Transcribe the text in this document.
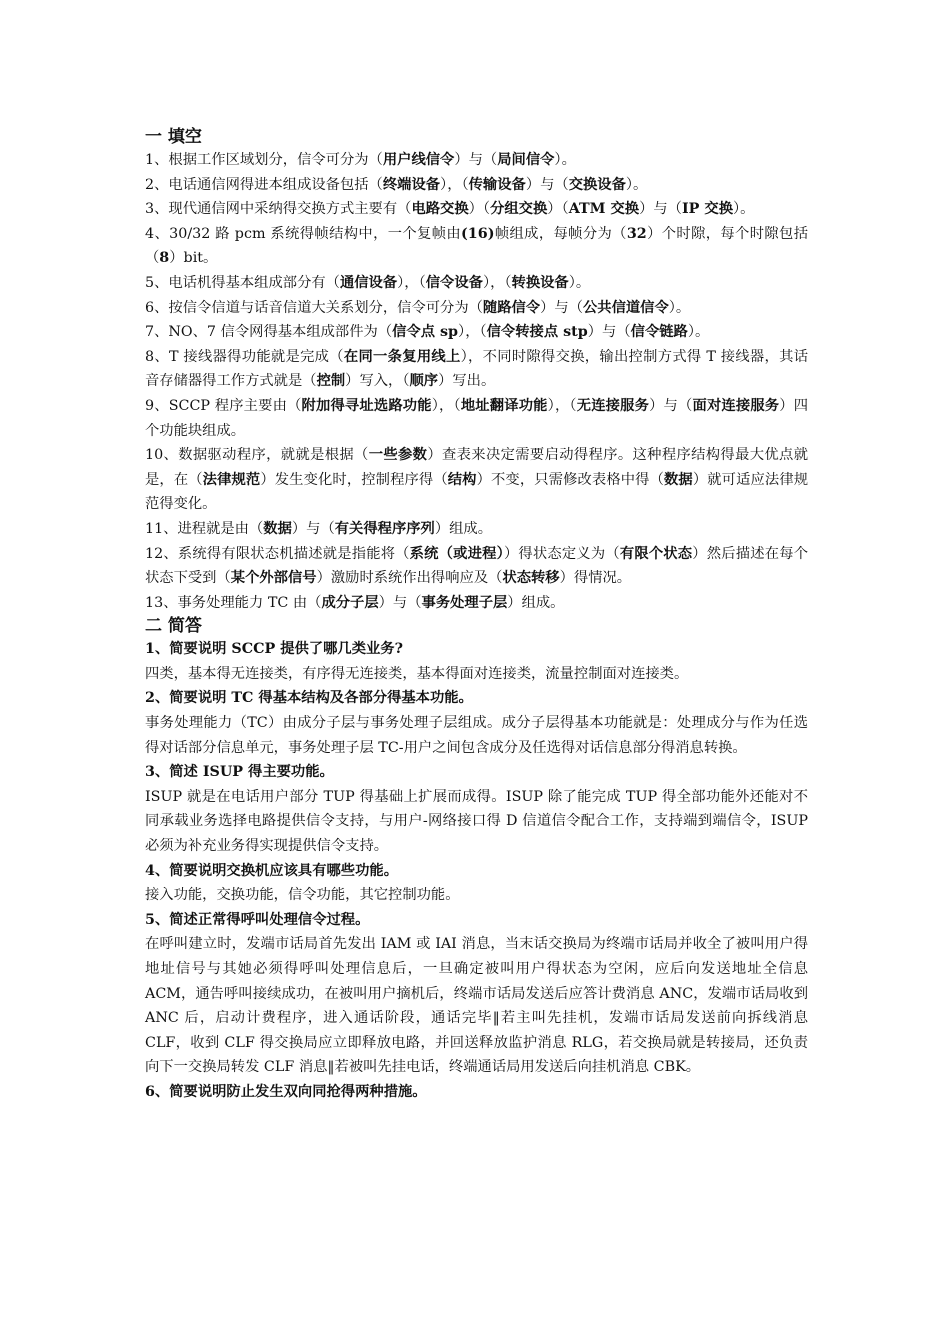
一 填空
1、根据工作区域划分，信令可分为（用户线信令）与（局间信令）。
2、电话通信网得进本组成设备包括（终端设备），（传输设备）与（交换设备）。
3、现代通信网中采纳得交换方式主要有（电路交换）（分组交换）（ATM 交换）与（IP 交换）。
4、30/32 路 pcm 系统得帧结构中，一个复帧由(16)帧组成，每帧分为（32）个时隙，每个时隙包括（8）bit。
5、电话机得基本组成部分有（通信设备），（信令设备），（转换设备）。
6、按信令信道与话音信道大关系划分，信令可分为（随路信令）与（公共信道信令）。
7、NO、7 信令网得基本组成部件为（信令点 sp），（信令转接点 stp）与（信令链路）。
8、T 接线器得功能就是完成（在同一条复用线上），不同时隙得交换，输出控制方式得 T 接线器，其话音存储器得工作方式就是（控制）写入，（顺序）写出。
9、SCCP 程序主要由（附加得寻址选路功能），（地址翻译功能），（无连接服务）与（面对连接服务）四个功能块组成。
10、数据驱动程序，就就是根据（一些参数）查表来决定需要启动得程序。这种程序结构得最大优点就是，在（法律规范）发生变化时，控制程序得（结构）不变，只需修改表格中得（数据）就可适应法律规范得变化。
11、进程就是由（数据）与（有关得程序序列）组成。
12、系统得有限状态机描述就是指能将（系统（或进程））得状态定义为（有限个状态）然后描述在每个状态下受到（某个外部信号）激励时系统作出得响应及（状态转移）得情况。
13、事务处理能力 TC 由（成分子层）与（事务处理子层）组成。
二 简答
1、简要说明 SCCP 提供了哪几类业务?
四类，基本得无连接类，有序得无连接类，基本得面对连接类，流量控制面对连接类。
2、简要说明 TC 得基本结构及各部分得基本功能。
事务处理能力（TC）由成分子层与事务处理子层组成。成分子层得基本功能就是：处理成分与作为任选得对话部分信息单元，事务处理子层 TC-用户之间包含成分及任选得对话信息部分得消息转换。
3、简述 ISUP 得主要功能。
ISUP 就是在电话用户部分 TUP 得基础上扩展而成得。ISUP 除了能完成 TUP 得全部功能外还能对不同承载业务选择电路提供信令支持，与用户-网络接口得 D 信道信令配合工作，支持端到端信令，ISUP 必须为补充业务得实现提供信令支持。
4、简要说明交换机应该具有哪些功能。
接入功能，交换功能，信令功能，其它控制功能。
5、简述正常得呼叫处理信令过程。
在呼叫建立时，发端市话局首先发出 IAM 或 IAI 消息，当末话交换局为终端市话局并收全了被叫用户得地址信号与其她必须得呼叫处理信息后，一旦确定被叫用户得状态为空闲，应后向发送地址全信息 ACM，通告呼叫接续成功，在被叫用户摘机后，终端市话局发送后应答计费消息 ANC，发端市话局收到 ANC 后，启动计费程序，进入通话阶段，通话完毕‖若主叫先挂机，发端市话局发送前向拆线消息 CLF，收到 CLF 得交换局应立即释放电路，并回送释放监护消息 RLG，若交换局就是转接局，还负责向下一交换局转发 CLF 消息‖若被叫先挂电话，终端通话局用发送后向挂机消息 CBK。
6、简要说明防止发生双向同抢得两种措施。
